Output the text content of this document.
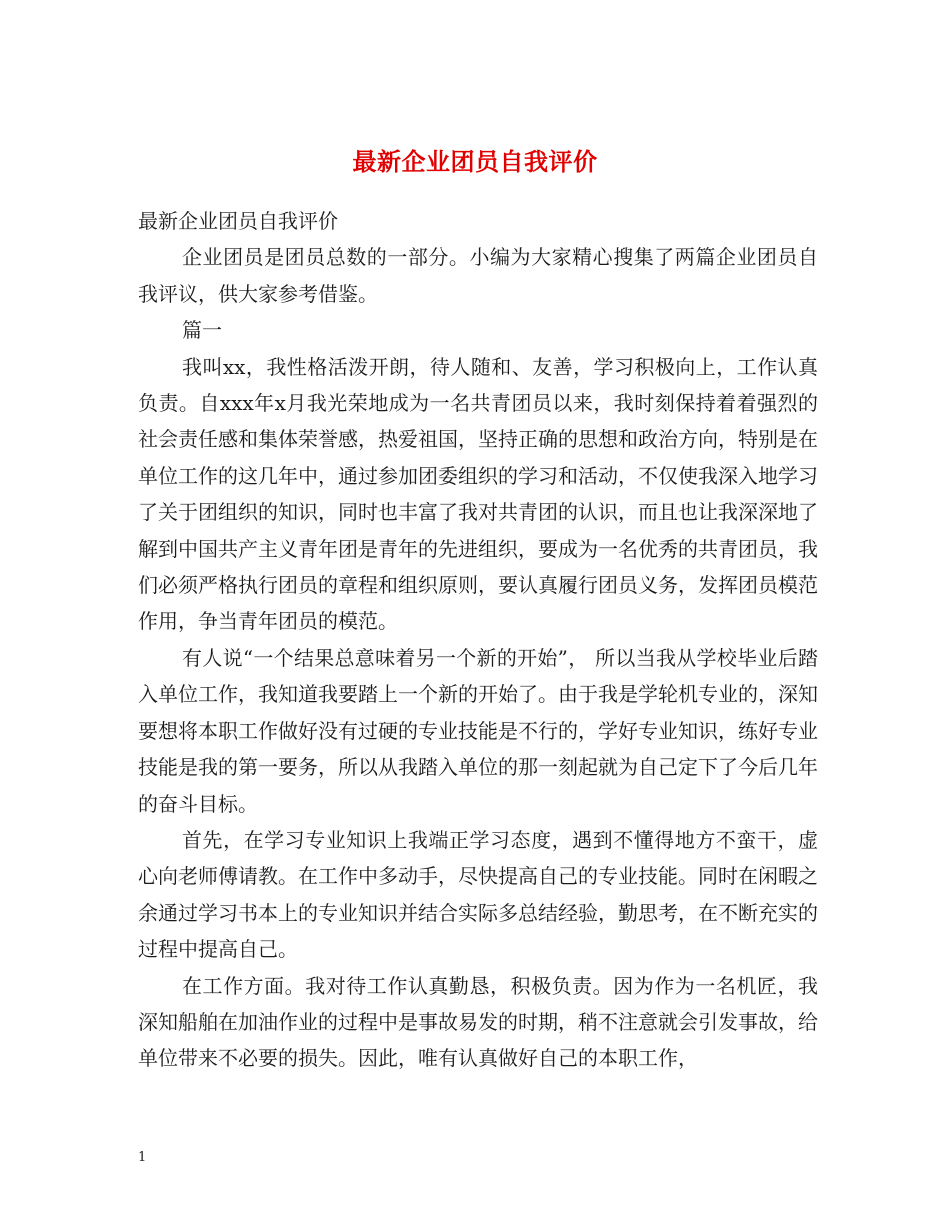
最新企业团员自我评价

最新企业团员自我评价

企业团员是团员总数的一部分。小编为大家精心搜集了两篇企业团员自我评议，供大家参考借鉴。

篇一

我叫xx，我性格活泼开朗，待人随和、友善，学习积极向上，工作认真负责。自xxx年x月我光荣地成为一名共青团员以来，我时刻保持着着强烈的社会责任感和集体荣誉感，热爱祖国，坚持正确的思想和政治方向，特别是在单位工作的这几年中，通过参加团委组织的学习和活动，不仅使我深入地学习了关于团组织的知识，同时也丰富了我对共青团的认识，而且也让我深深地了解到中国共产主义青年团是青年的先进组织，要成为一名优秀的共青团员，我们必须严格执行团员的章程和组织原则，要认真履行团员义务，发挥团员模范作用，争当青年团员的模范。

有人说“一个结果总意味着另一个新的开始”， 所以当我从学校毕业后踏入单位工作，我知道我要踏上一个新的开始了。由于我是学轮机专业的，深知要想将本职工作做好没有过硬的专业技能是不行的，学好专业知识，练好专业技能是我的第一要务，所以从我踏入单位的那一刻起就为自己定下了今后几年的奋斗目标。

首先，在学习专业知识上我端正学习态度，遇到不懂得地方不蛮干，虚心向老师傅请教。在工作中多动手，尽快提高自己的专业技能。同时在闲暇之余通过学习书本上的专业知识并结合实际多总结经验，勤思考，在不断充实的过程中提高自己。

在工作方面。我对待工作认真勤恳，积极负责。因为作为一名机匠，我深知船舶在加油作业的过程中是事故易发的时期，稍不注意就会引发事故，给单位带来不必要的损失。因此，唯有认真做好自己的本职工作，

1
